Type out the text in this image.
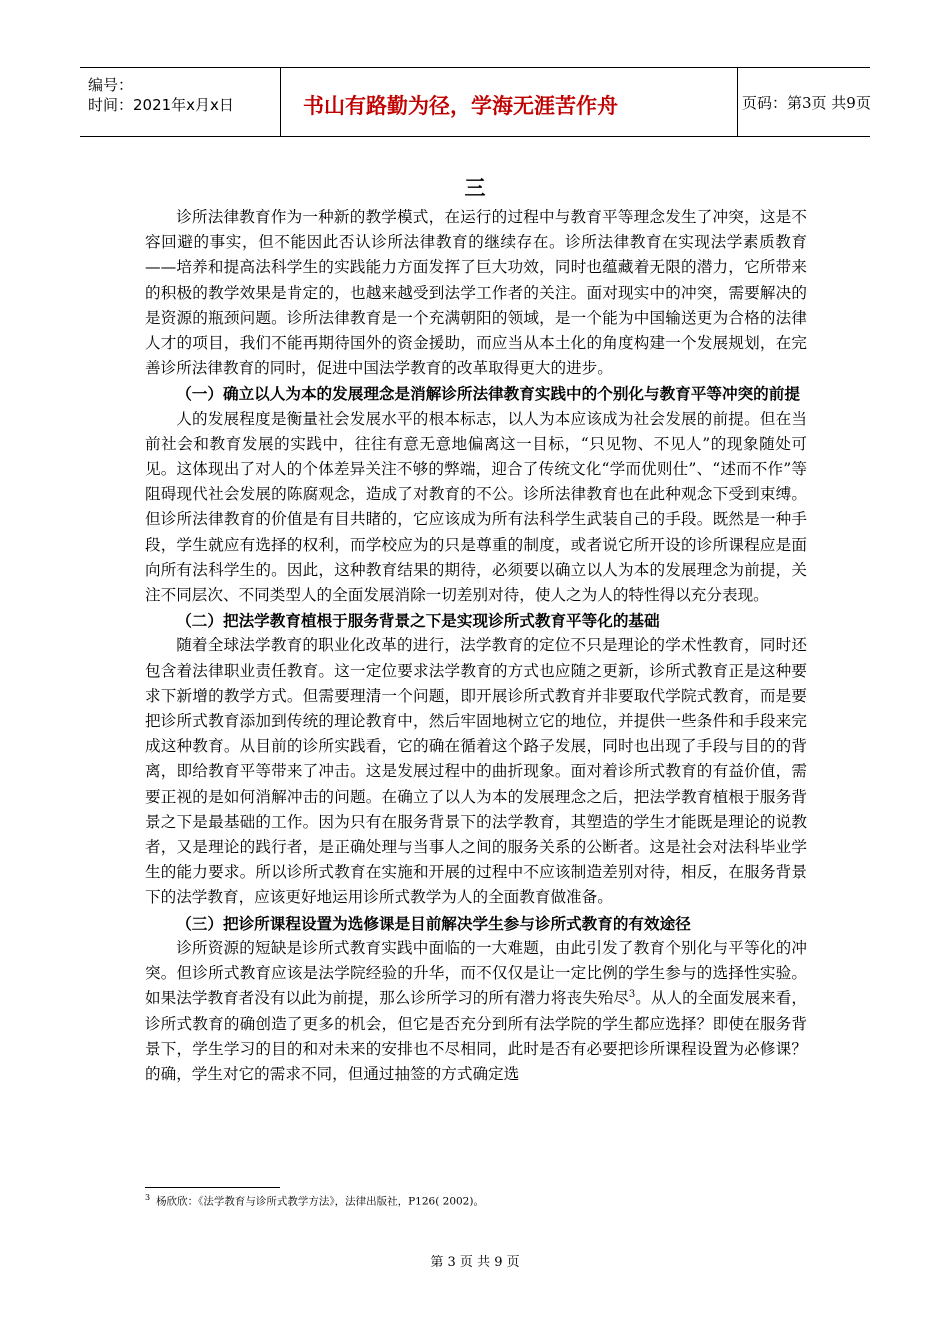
编号：
时间：2021年x月x日	书山有路勤为径，学海无涯苦作舟	页码：第3页 共9页
三

诊所法律教育作为一种新的教学模式，在运行的过程中与教育平等理念发生了冲突，这是不容回避的事实，但不能因此否认诊所法律教育的继续存在。诊所法律教育在实现法学素质教育——培养和提高法科学生的实践能力方面发挥了巨大功效，同时也蕴藏着无限的潜力，它所带来的积极的教学效果是肯定的，也越来越受到法学工作者的关注。面对现实中的冲突，需要解决的是资源的瓶颈问题。诊所法律教育是一个充满朝阳的领域，是一个能为中国输送更为合格的法律人才的项目，我们不能再期待国外的资金援助，而应当从本土化的角度构建一个发展规划，在完善诊所法律教育的同时，促进中国法学教育的改革取得更大的进步。

（一）确立以人为本的发展理念是消解诊所法律教育实践中的个别化与教育平等冲突的前提

人的发展程度是衡量社会发展水平的根本标志，以人为本应该成为社会发展的前提。但在当前社会和教育发展的实践中，往往有意无意地偏离这一目标，“只见物、不见人”的现象随处可见。这体现出了对人的个体差异关注不够的弊端，迎合了传统文化“学而优则仕”、“述而不作”等阻碍现代社会发展的陈腐观念，造成了对教育的不公。诊所法律教育也在此种观念下受到束缚。但诊所法律教育的价值是有目共睹的，它应该成为所有法科学生武装自己的手段。既然是一种手段，学生就应有选择的权利，而学校应为的只是尊重的制度，或者说它所开设的诊所课程应是面向所有法科学生的。因此，这种教育结果的期待，必须要以确立以人为本的发展理念为前提，关注不同层次、不同类型人的全面发展消除一切差别对待，使人之为人的特性得以充分表现。

（二）把法学教育植根于服务背景之下是实现诊所式教育平等化的基础

随着全球法学教育的职业化改革的进行，法学教育的定位不只是理论的学术性教育，同时还包含着法律职业责任教育。这一定位要求法学教育的方式也应随之更新，诊所式教育正是这种要求下新增的教学方式。但需要理清一个问题，即开展诊所式教育并非要取代学院式教育，而是要把诊所式教育添加到传统的理论教育中，然后牢固地树立它的地位，并提供一些条件和手段来完成这种教育。从目前的诊所实践看，它的确在循着这个路子发展，同时也出现了手段与目的的背离，即给教育平等带来了冲击。这是发展过程中的曲折现象。面对着诊所式教育的有益价值，需要正视的是如何消解冲击的问题。在确立了以人为本的发展理念之后，把法学教育植根于服务背景之下是最基础的工作。因为只有在服务背景下的法学教育，其塑造的学生才能既是理论的说教者，又是理论的践行者，是正确处理与当事人之间的服务关系的公断者。这是社会对法科毕业学生的能力要求。所以诊所式教育在实施和开展的过程中不应该制造差别对待，相反，在服务背景下的法学教育，应该更好地运用诊所式教学为人的全面教育做准备。

（三）把诊所课程设置为选修课是目前解决学生参与诊所式教育的有效途径

诊所资源的短缺是诊所式教育实践中面临的一大难题，由此引发了教育个别化与平等化的冲突。但诊所式教育应该是法学院经验的升华，而不仅仅是让一定比例的学生参与的选择性实验。如果法学教育者没有以此为前提，那么诊所学习的所有潜力将丧失殆尽$^3$。从人的全面发展来看，诊所式教育的确创造了更多的机会，但它是否充分到所有法学院的学生都应选择？即使在服务背景下，学生学习的目的和对未来的安排也不尽相同，此时是否有必要把诊所课程设置为必修课？的确，学生对它的需求不同，但通过抽签的方式确定选

$^3$ 杨欣欣：《法学教育与诊所式教学方法》，法律出版社，P126( 2002)。
第 3 页 共 9 页
